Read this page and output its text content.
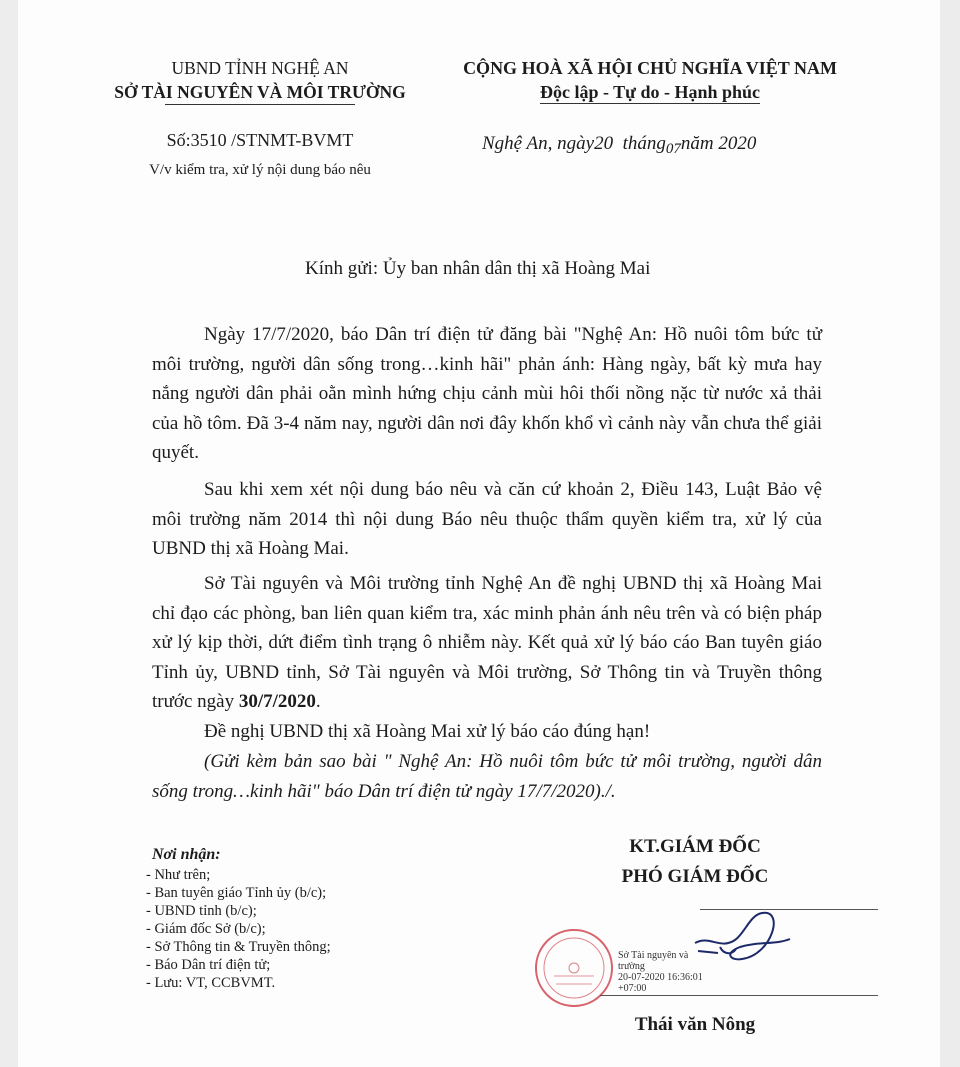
UBND TỈNH NGHỆ AN
SỞ TÀI NGUYÊN VÀ MÔI TRƯỜNG
CỘNG HOÀ XÃ HỘI CHỦ NGHĨA VIỆT NAM
Độc lập - Tự do - Hạnh phúc
Số:3510 /STNMT-BVMT
V/v kiểm tra, xử lý nội dung báo nêu
Nghệ An, ngày20 tháng$_{07}$năm 2020
Kính gửi: Ủy ban nhân dân thị xã Hoàng Mai
Ngày 17/7/2020, báo Dân trí điện tử đăng bài "Nghệ An: Hồ nuôi tôm bức tử môi trường, người dân sống trong…kinh hãi" phản ánh: Hàng ngày, bất kỳ mưa hay nắng người dân phải oằn mình hứng chịu cảnh mùi hôi thối nồng nặc từ nước xả thải của hồ tôm. Đã 3-4 năm nay, người dân nơi đây khốn khổ vì cảnh này vẫn chưa thể giải quyết.
Sau khi xem xét nội dung báo nêu và căn cứ khoản 2, Điều 143, Luật Bảo vệ môi trường năm 2014 thì nội dung Báo nêu thuộc thẩm quyền kiểm tra, xử lý của UBND thị xã Hoàng Mai.
Sở Tài nguyên và Môi trường tỉnh Nghệ An đề nghị UBND thị xã Hoàng Mai chỉ đạo các phòng, ban liên quan kiểm tra, xác minh phản ánh nêu trên và có biện pháp xử lý kịp thời, dứt điểm tình trạng ô nhiễm này. Kết quả xử lý báo cáo Ban tuyên giáo Tỉnh ủy, UBND tỉnh, Sở Tài nguyên và Môi trường, Sở Thông tin và Truyền thông trước ngày 30/7/2020.
Đề nghị UBND thị xã Hoàng Mai xử lý báo cáo đúng hạn!
(Gửi kèm bản sao bài " Nghệ An: Hồ nuôi tôm bức tử môi trường, người dân sống trong…kinh hãi" báo Dân trí điện tử ngày 17/7/2020)./.
Nơi nhận:
- Như trên;
- Ban tuyên giáo Tỉnh ủy (b/c);
- UBND tỉnh (b/c);
- Giám đốc Sở (b/c);
- Sở Thông tin & Truyền thông;
- Báo Dân trí điện tử;
- Lưu: VT, CCBVMT.
KT.GIÁM ĐỐC
PHÓ GIÁM ĐỐC
Sở Tài nguyên và
trường
20-07-2020 16:36:01
+07:00
Thái văn Nông
